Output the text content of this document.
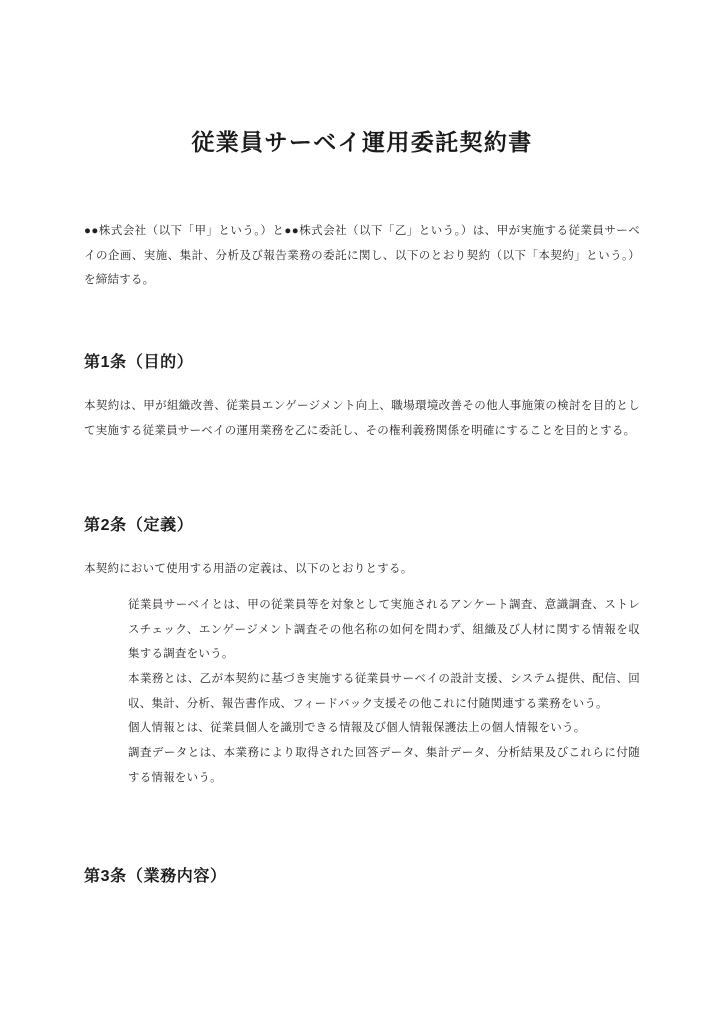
従業員サーベイ運用委託契約書

●●株式会社（以下「甲」という。）と●●株式会社（以下「乙」という。）は、甲が実施する従業員サーベイの企画、実施、集計、分析及び報告業務の委託に関し、以下のとおり契約（以下「本契約」という。）を締結する。

第1条（目的）

本契約は、甲が組織改善、従業員エンゲージメント向上、職場環境改善その他人事施策の検討を目的として実施する従業員サーベイの運用業務を乙に委託し、その権利義務関係を明確にすることを目的とする。

第2条（定義）

本契約において使用する用語の定義は、以下のとおりとする。

従業員サーベイとは、甲の従業員等を対象として実施されるアンケート調査、意識調査、ストレスチェック、エンゲージメント調査その他名称の如何を問わず、組織及び人材に関する情報を収集する調査をいう。
本業務とは、乙が本契約に基づき実施する従業員サーベイの設計支援、システム提供、配信、回収、集計、分析、報告書作成、フィードバック支援その他これに付随関連する業務をいう。
個人情報とは、従業員個人を識別できる情報及び個人情報保護法上の個人情報をいう。
調査データとは、本業務により取得された回答データ、集計データ、分析結果及びこれらに付随する情報をいう。
第3条（業務内容）
